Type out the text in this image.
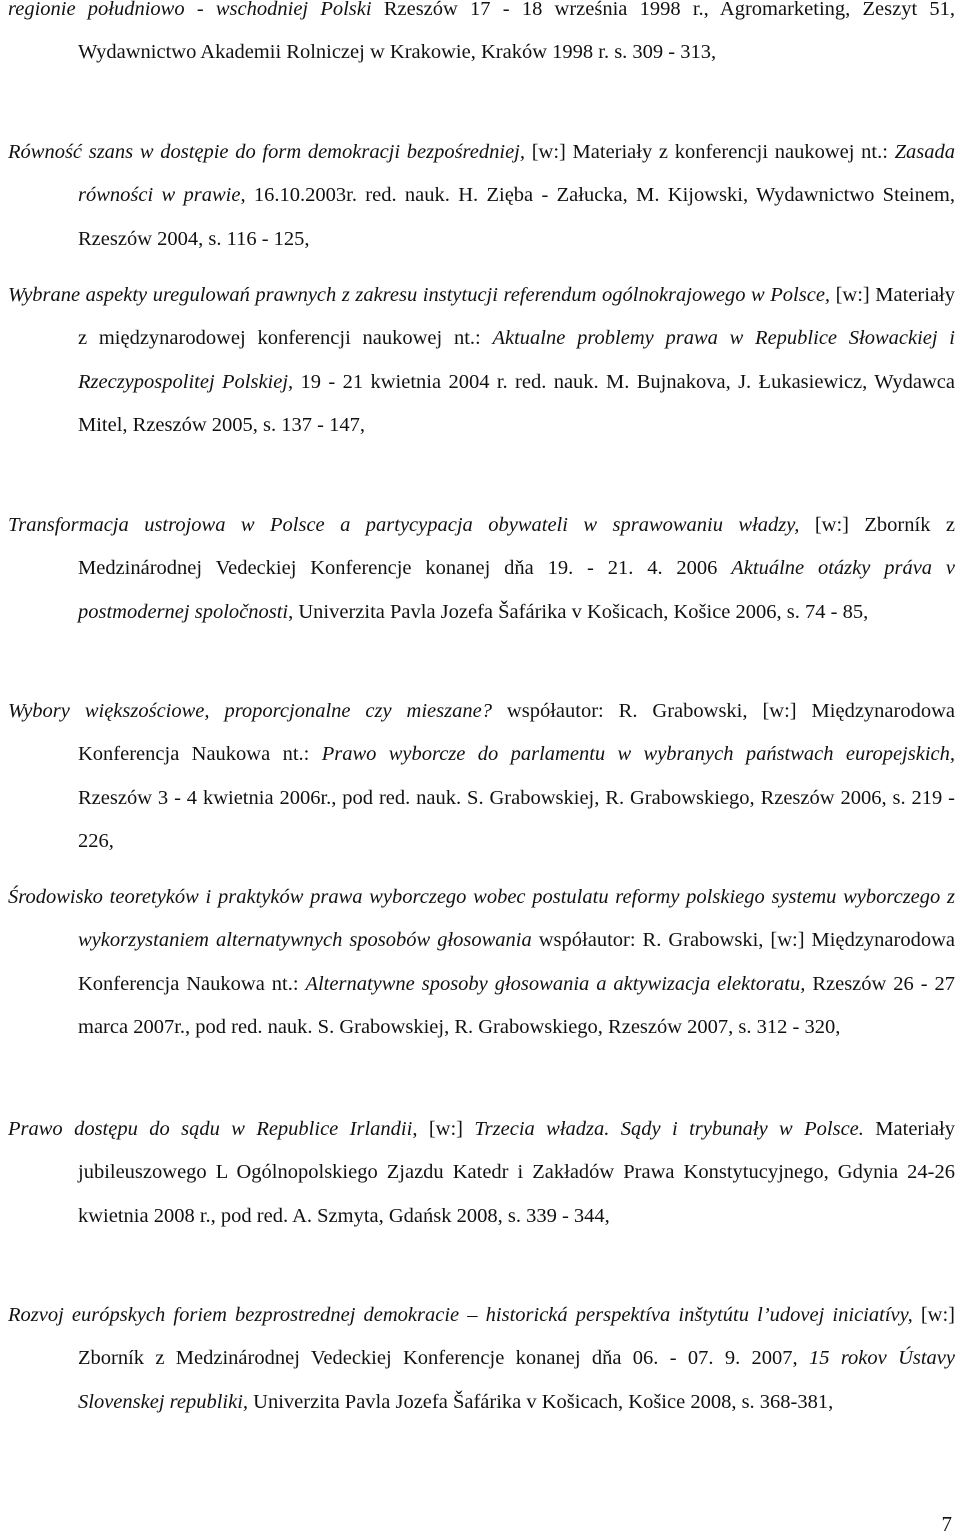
regionie południowo - wschodniej Polski Rzeszów 17 - 18 września 1998 r., Agromarketing, Zeszyt 51, Wydawnictwo Akademii Rolniczej w Krakowie, Kraków 1998 r. s. 309 - 313,

Równość szans w dostępie do form demokracji bezpośredniej, [w:] Materiały z konferencji naukowej nt.: Zasada równości w prawie, 16.10.2003r. red. nauk. H. Zięba - Załucka, M. Kijowski, Wydawnictwo Steinem, Rzeszów 2004, s. 116 - 125,

Wybrane aspekty uregulowań prawnych z zakresu instytucji referendum ogólnokrajowego w Polsce, [w:] Materiały z międzynarodowej konferencji naukowej nt.: Aktualne problemy prawa w Republice Słowackiej i Rzeczypospolitej Polskiej, 19 - 21 kwietnia 2004 r. red. nauk. M. Bujnakova, J. Łukasiewicz, Wydawca Mitel, Rzeszów 2005, s. 137 - 147,

Transformacja ustrojowa w Polsce a partycypacja obywateli w sprawowaniu władzy, [w:] Zborník z Medzinárodnej Vedeckiej Konferencje konanej dňa 19. - 21. 4. 2006 Aktuálne otázky práva v postmodernej spoločnosti, Univerzita Pavla Jozefa Šafárika v Košicach, Košice 2006, s. 74 - 85,

Wybory większościowe, proporcjonalne czy mieszane? współautor: R. Grabowski, [w:] Międzynarodowa Konferencja Naukowa nt.: Prawo wyborcze do parlamentu w wybranych państwach europejskich, Rzeszów 3 - 4 kwietnia 2006r., pod red. nauk. S. Grabowskiej, R. Grabowskiego, Rzeszów 2006, s. 219 - 226,

Środowisko teoretyków i praktyków prawa wyborczego wobec postulatu reformy polskiego systemu wyborczego z wykorzystaniem alternatywnych sposobów głosowania współautor: R. Grabowski, [w:] Międzynarodowa Konferencja Naukowa nt.: Alternatywne sposoby głosowania a aktywizacja elektoratu, Rzeszów 26 - 27 marca 2007r., pod red. nauk. S. Grabowskiej, R. Grabowskiego, Rzeszów 2007, s. 312 - 320,

Prawo dostępu do sądu w Republice Irlandii, [w:] Trzecia władza. Sądy i trybunały w Polsce. Materiały jubileuszowego L Ogólnopolskiego Zjazdu Katedr i Zakładów Prawa Konstytucyjnego, Gdynia 24-26 kwietnia 2008 r., pod red. A. Szmyta, Gdańsk 2008, s. 339 - 344,

Rozvoj európskych foriem bezprostrednej demokracie – historická perspektíva inštytútu l’udovej iniciatívy, [w:] Zborník z Medzinárodnej Vedeckiej Konferencje konanej dňa 06. - 07. 9. 2007, 15 rokov Ústavy Slovenskej republiki, Univerzita Pavla Jozefa Šafárika v Košicach, Košice 2008, s. 368-381,

7
